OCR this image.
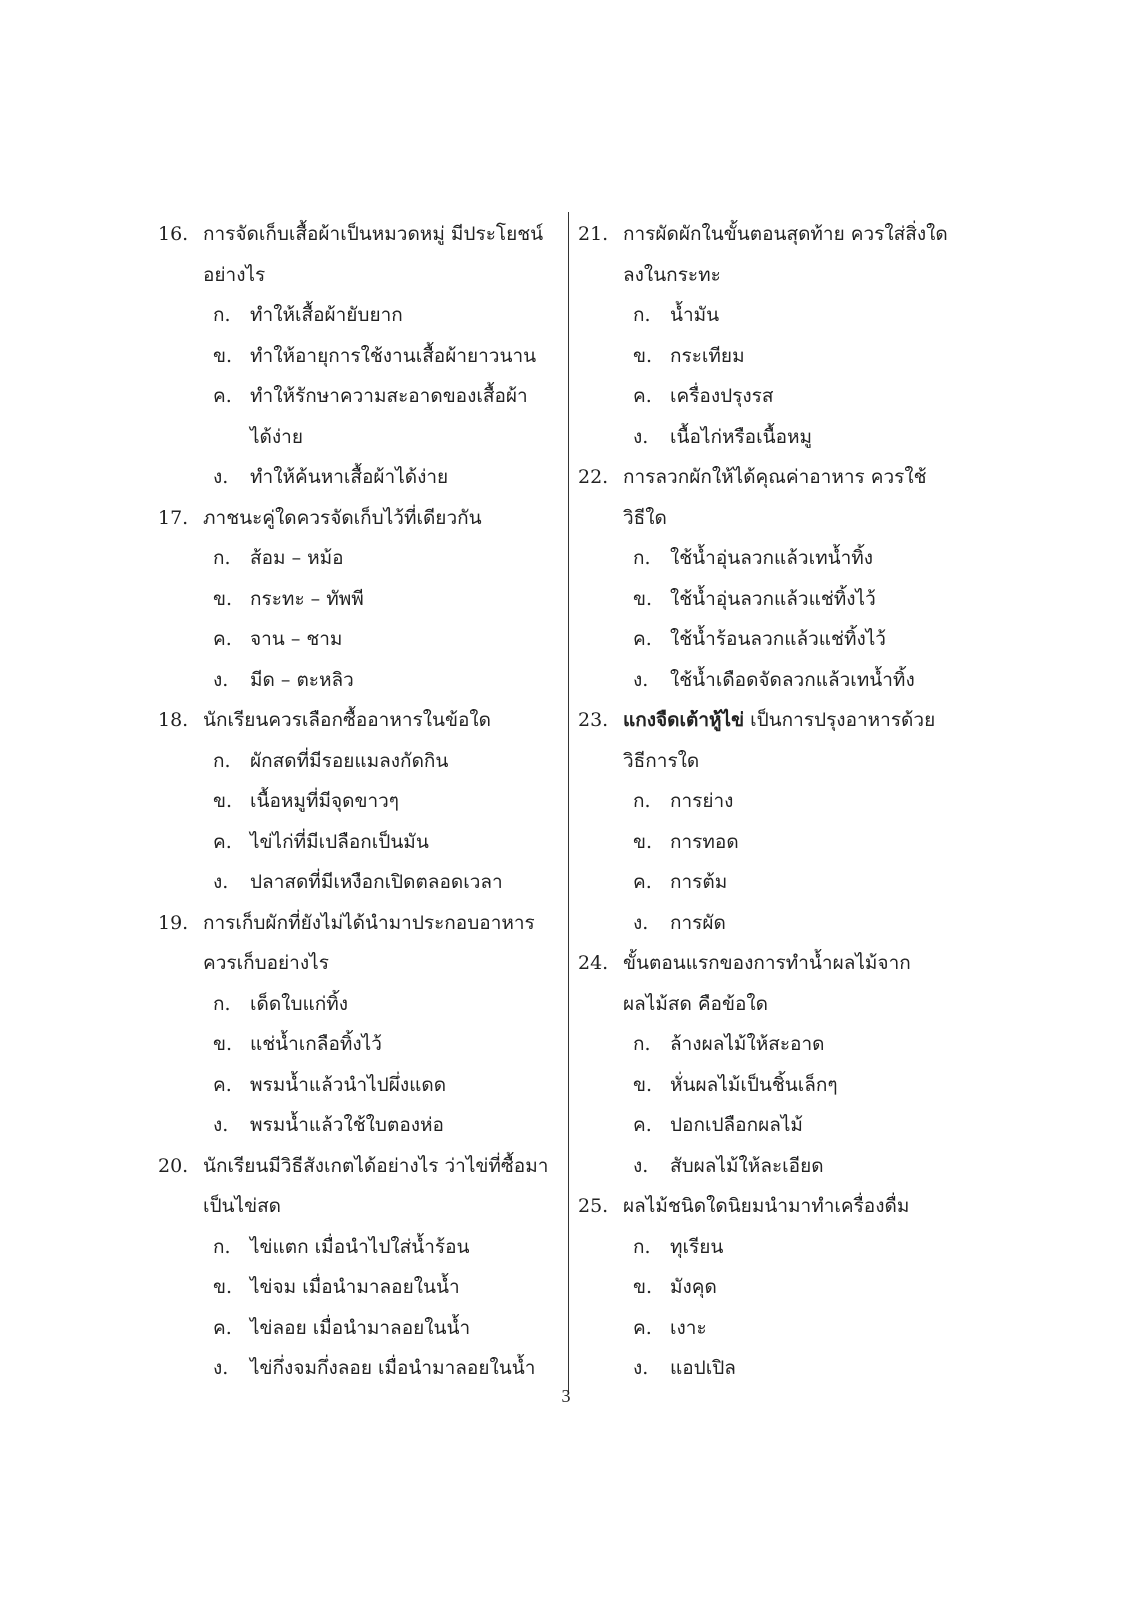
16. การจัดเก็บเสื้อผ้าเป็นหมวดหมู่ มีประโยชน์
อย่างไร
ก. ทำให้เสื้อผ้ายับยาก
ข. ทำให้อายุการใช้งานเสื้อผ้ายาวนาน
ค. ทำให้รักษาความสะอาดของเสื้อผ้า
ได้ง่าย
ง. ทำให้ค้นหาเสื้อผ้าได้ง่าย
17. ภาชนะคู่ใดควรจัดเก็บไว้ที่เดียวกัน
ก. ส้อม – หม้อ
ข. กระทะ – ทัพพี
ค. จาน – ชาม
ง. มีด – ตะหลิว
18. นักเรียนควรเลือกซื้ออาหารในข้อใด
ก. ผักสดที่มีรอยแมลงกัดกิน
ข. เนื้อหมูที่มีจุดขาวๆ
ค. ไข่ไก่ที่มีเปลือกเป็นมัน
ง. ปลาสดที่มีเหงือกเปิดตลอดเวลา
19. การเก็บผักที่ยังไม่ได้นำมาประกอบอาหาร
ควรเก็บอย่างไร
ก. เด็ดใบแก่ทิ้ง
ข. แช่น้ำเกลือทิ้งไว้
ค. พรมน้ำแล้วนำไปผึ่งแดด
ง. พรมน้ำแล้วใช้ใบตองห่อ
20. นักเรียนมีวิธีสังเกตได้อย่างไร ว่าไข่ที่ซื้อมา
เป็นไข่สด
ก. ไข่แตก เมื่อนำไปใส่น้ำร้อน
ข. ไข่จม เมื่อนำมาลอยในน้ำ
ค. ไข่ลอย เมื่อนำมาลอยในน้ำ
ง. ไข่กึ่งจมกึ่งลอย เมื่อนำมาลอยในน้ำ
21. การผัดผักในขั้นตอนสุดท้าย ควรใส่สิ่งใด
ลงในกระทะ
ก. น้ำมัน
ข. กระเทียม
ค. เครื่องปรุงรส
ง. เนื้อไก่หรือเนื้อหมู
22. การลวกผักให้ได้คุณค่าอาหาร ควรใช้
วิธีใด
ก. ใช้น้ำอุ่นลวกแล้วเทน้ำทิ้ง
ข. ใช้น้ำอุ่นลวกแล้วแช่ทิ้งไว้
ค. ใช้น้ำร้อนลวกแล้วแช่ทิ้งไว้
ง. ใช้น้ำเดือดจัดลวกแล้วเทน้ำทิ้ง
23. แกงจืดเต้าหู้ไข่ เป็นการปรุงอาหารด้วย
วิธีการใด
ก. การย่าง
ข. การทอด
ค. การต้ม
ง. การผัด
24. ขั้นตอนแรกของการทำน้ำผลไม้จาก
ผลไม้สด คือข้อใด
ก. ล้างผลไม้ให้สะอาด
ข. หั่นผลไม้เป็นชิ้นเล็กๆ
ค. ปอกเปลือกผลไม้
ง. สับผลไม้ให้ละเอียด
25. ผลไม้ชนิดใดนิยมนำมาทำเครื่องดื่ม
ก. ทุเรียน
ข. มังคุด
ค. เงาะ
ง. แอปเปิล
3
